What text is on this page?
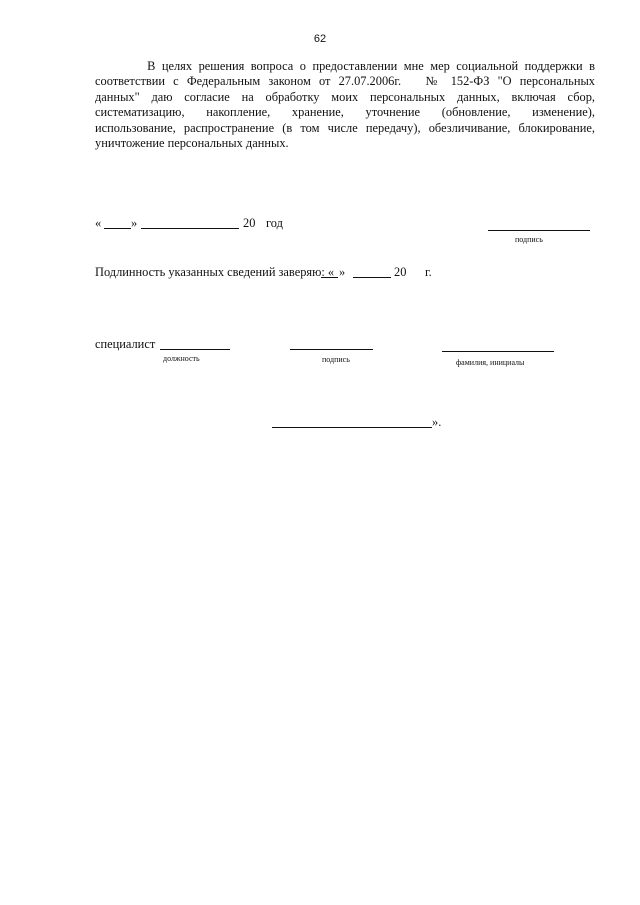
62
В целях решения вопроса о предоставлении мне мер социальной поддержки в
соответствии с Федеральным законом от 27.07.2006г.   № 152-ФЗ "О персональных
данных" даю согласие на обработку моих персональных данных, включая сбор,
систематизацию, накопление, хранение, уточнение (обновление, изменение),
использование, распространение (в том числе передачу), обезличивание, блокирование,
уничтожение персональных данных.
« »	20 год
подпись
Подлинность указанных сведений заверяю: « »	20 г.
специалист
должность	подпись	фамилия, инициалы
».
